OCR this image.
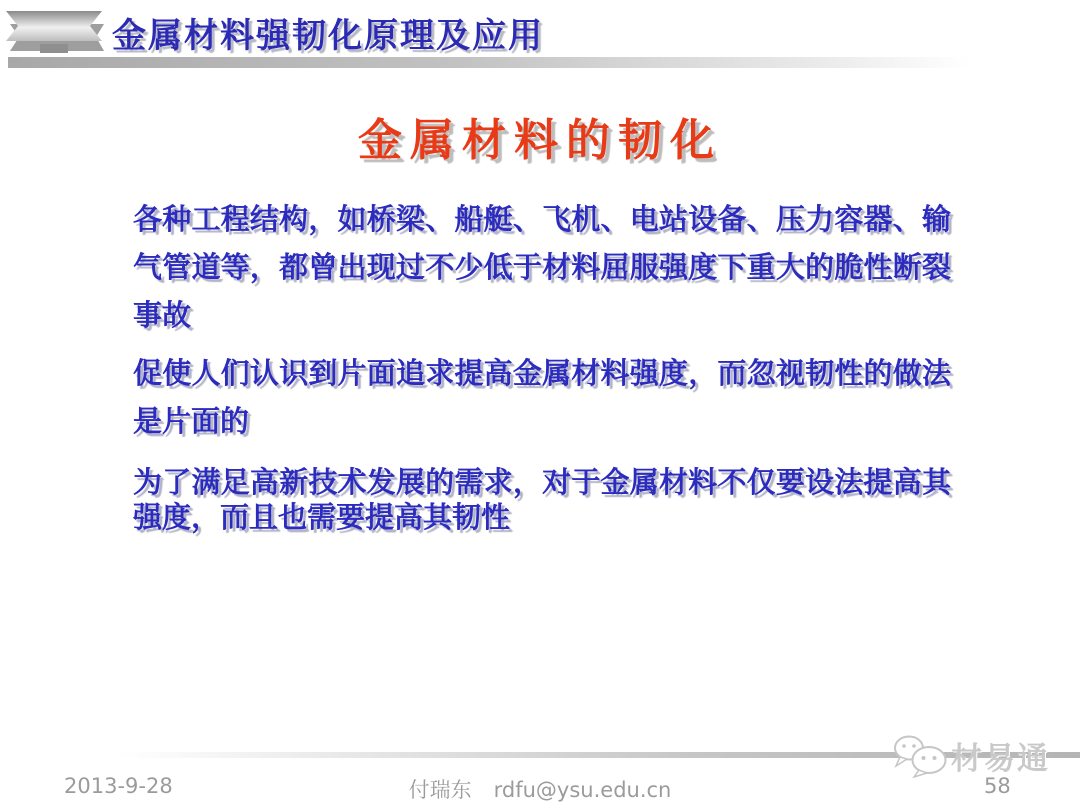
金属材料强韧化原理及应用
金属材料的韧化

各种工程结构，如桥梁、船艇、飞机、电站设备、压力容器、输气管道等，都曾出现过不少低于材料屈服强度下重大的脆性断裂事故

促使人们认识到片面追求提高金属材料强度，而忽视韧性的做法是片面的

为了满足高新技术发展的需求，对于金属材料不仅要设法提高其强度，而且也需要提高其韧性

2013-9-28	付瑞东 rdfu@ysu.edu.cn	58
材易通
